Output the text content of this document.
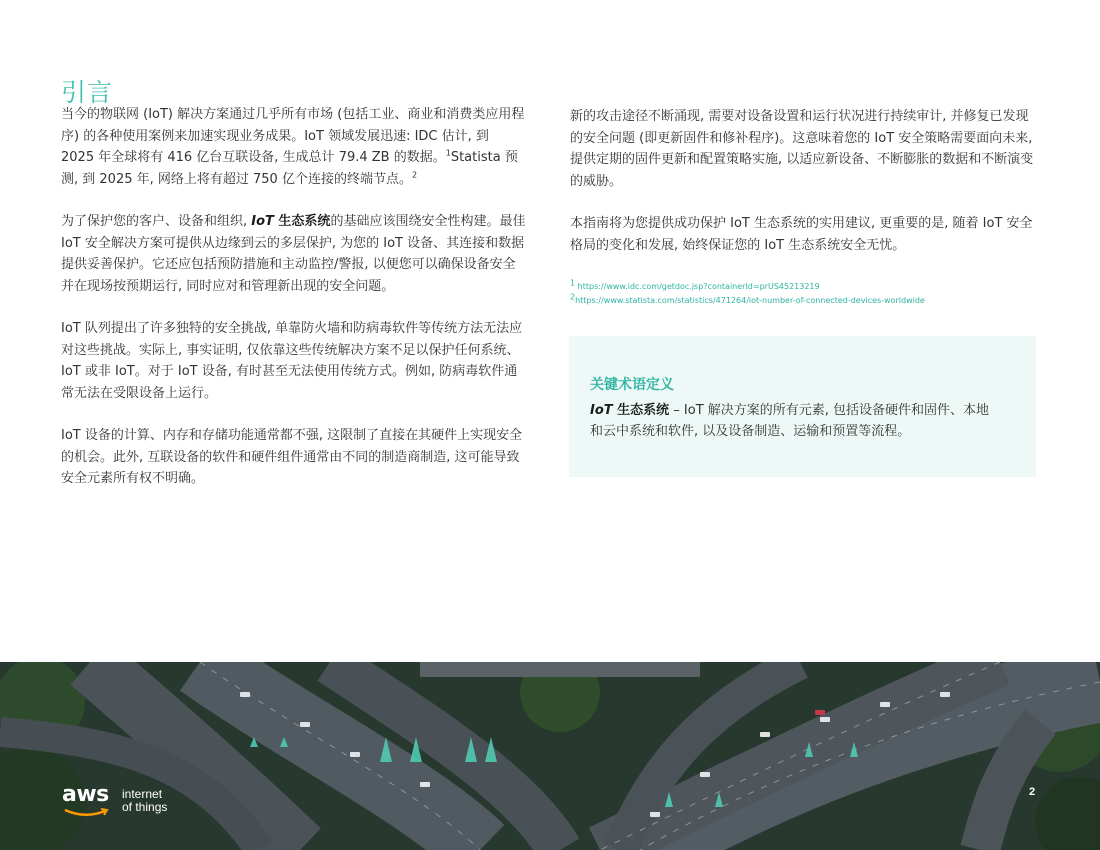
引言

当今的物联网 (IoT) 解决方案通过几乎所有市场 (包括工业、商业和消费类应用程序) 的各种使用案例来加速实现业务成果。IoT 领域发展迅速: IDC 估计, 到 2025 年全球将有 416 亿台互联设备, 生成总计 79.4 ZB 的数据。$^1$Statista 预测, 到 2025 年, 网络上将有超过 750 亿个连接的终端节点。$^2$

为了保护您的客户、设备和组织, IoT 生态系统的基础应该围绕安全性构建。最佳 IoT 安全解决方案可提供从边缘到云的多层保护, 为您的 IoT 设备、其连接和数据提供妥善保护。它还应包括预防措施和主动监控/警报, 以便您可以确保设备安全并在现场按预期运行, 同时应对和管理新出现的安全问题。

IoT 队列提出了许多独特的安全挑战, 单靠防火墙和防病毒软件等传统方法无法应对这些挑战。实际上, 事实证明, 仅依靠这些传统解决方案不足以保护任何系统、IoT 或非 IoT。对于 IoT 设备, 有时甚至无法使用传统方式。例如, 防病毒软件通常无法在受限设备上运行。

IoT 设备的计算、内存和存储功能通常都不强, 这限制了直接在其硬件上实现安全的机会。此外, 互联设备的软件和硬件组件通常由不同的制造商制造, 这可能导致安全元素所有权不明确。

新的攻击途径不断涌现, 需要对设备设置和运行状况进行持续审计, 并修复已发现的安全问题 (即更新固件和修补程序)。这意味着您的 IoT 安全策略需要面向未来, 提供定期的固件更新和配置策略实施, 以适应新设备、不断膨胀的数据和不断演变的威胁。

本指南将为您提供成功保护 IoT 生态系统的实用建议, 更重要的是, 随着 IoT 安全格局的变化和发展, 始终保证您的 IoT 生态系统安全无忧。

$^1$ https://www.idc.com/getdoc.jsp?containerId=prUS45213219
$^2$https://www.statista.com/statistics/471264/iot-number-of-connected-devices-worldwide
关键术语定义
IoT 生态系统 – IoT 解决方案的所有元素, 包括设备硬件和固件、本地和云中系统和软件, 以及设备制造、运输和预置等流程。
aws internet
of things
2
